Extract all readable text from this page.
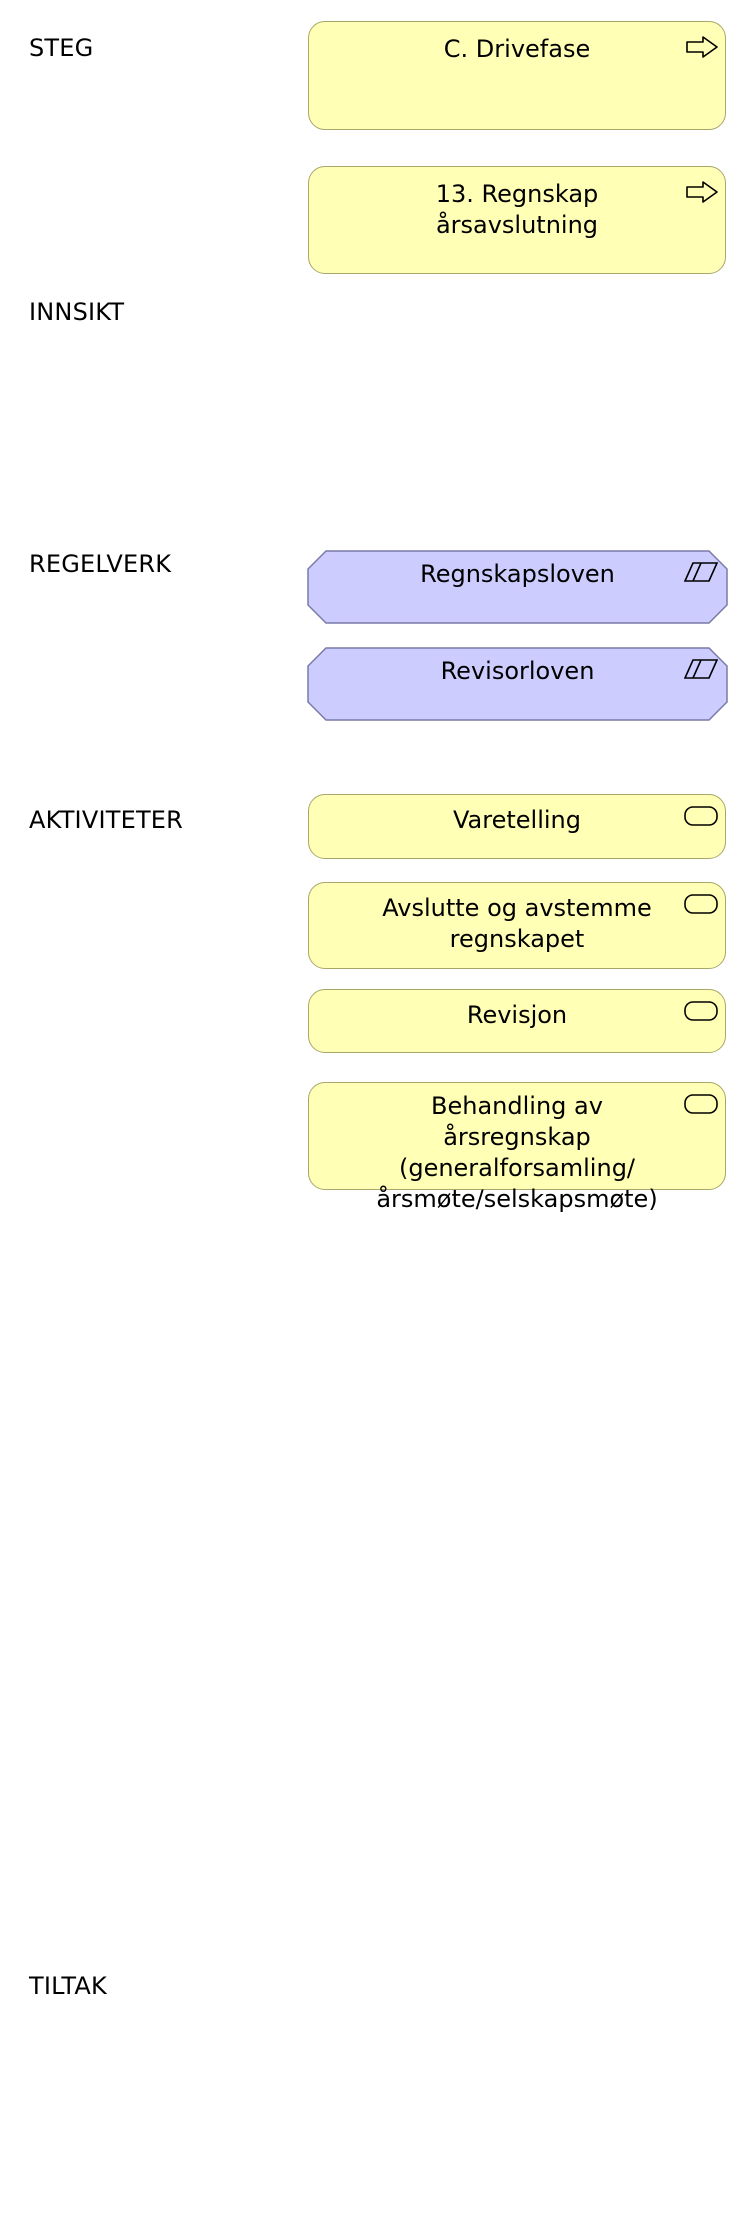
STEG
INNSIKT
REGELVERK
AKTIVITETER
TILTAK
C. Drivefase
13. Regnskap årsavslutning
Regnskapsloven
Revisorloven
Varetelling
Avslutte og avstemme regnskapet
Revisjon
Behandling av årsregnskap (generalforsamling/ årsmøte/selskapsmøte)
